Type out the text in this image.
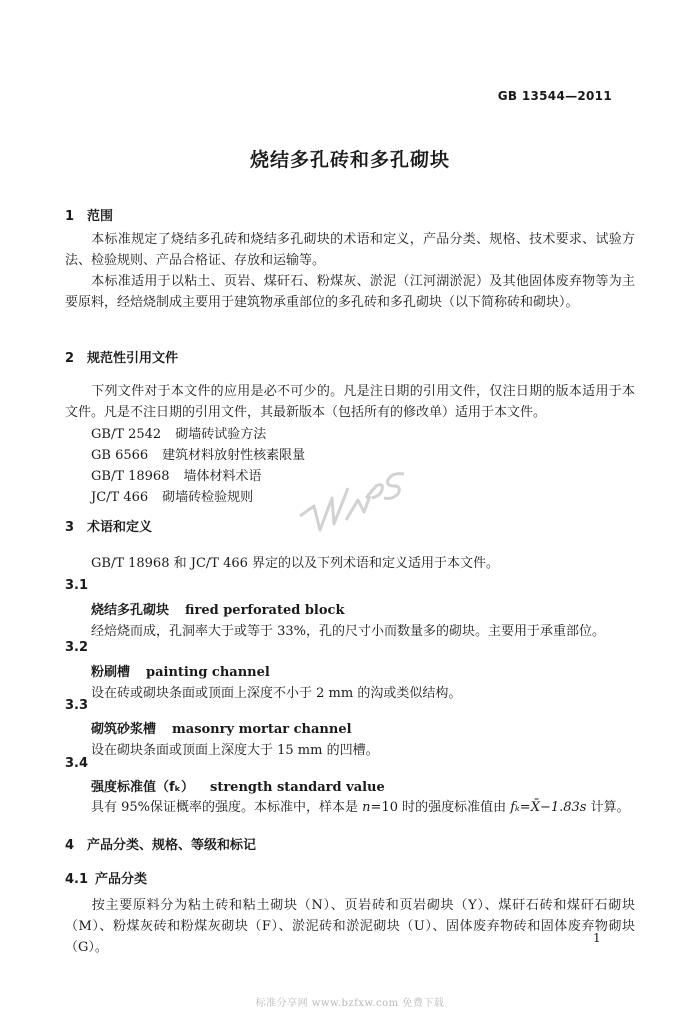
GB 13544—2011
烧结多孔砖和多孔砌块
1 范围
本标准规定了烧结多孔砖和烧结多孔砌块的术语和定义，产品分类、规格、技术要求、试验方法、检验规则、产品合格证、存放和运输等。
本标准适用于以粘土、页岩、煤矸石、粉煤灰、淤泥（江河湖淤泥）及其他固体废弃物等为主要原料，经焙烧制成主要用于建筑物承重部位的多孔砖和多孔砌块（以下简称砖和砌块）。
2 规范性引用文件
下列文件对于本文件的应用是必不可少的。凡是注日期的引用文件，仅注日期的版本适用于本文件。凡是不注日期的引用文件，其最新版本（包括所有的修改单）适用于本文件。
GB/T 2542 砌墙砖试验方法
GB 6566 建筑材料放射性核素限量
GB/T 18968 墙体材料术语
JC/T 466 砌墙砖检验规则
3 术语和定义
GB/T 18968 和 JC/T 466 界定的以及下列术语和定义适用于本文件。
3.1
烧结多孔砌块 fired perforated block
经焙烧而成，孔洞率大于或等于 33%，孔的尺寸小而数量多的砌块。主要用于承重部位。
3.2
粉刷槽 painting channel
设在砖或砌块条面或顶面上深度不小于 2 mm 的沟或类似结构。
3.3
砌筑砂浆槽 masonry mortar channel
设在砌块条面或顶面上深度大于 15 mm 的凹槽。
3.4
强度标准值（fₖ） strength standard value
具有 95%保证概率的强度。本标准中，样本是 n=10 时的强度标准值由 fₖ=X̄−1.83s 计算。
4 产品分类、规格、等级和标记
4.1 产品分类
按主要原料分为粘土砖和粘土砌块（N）、页岩砖和页岩砌块（Y）、煤矸石砖和煤矸石砌块（M）、粉煤灰砖和粉煤灰砌块（F）、淤泥砖和淤泥砌块（U）、固体废弃物砖和固体废弃物砌块（G）。
1
标准分享网 www.bzfxw.com 免费下载
